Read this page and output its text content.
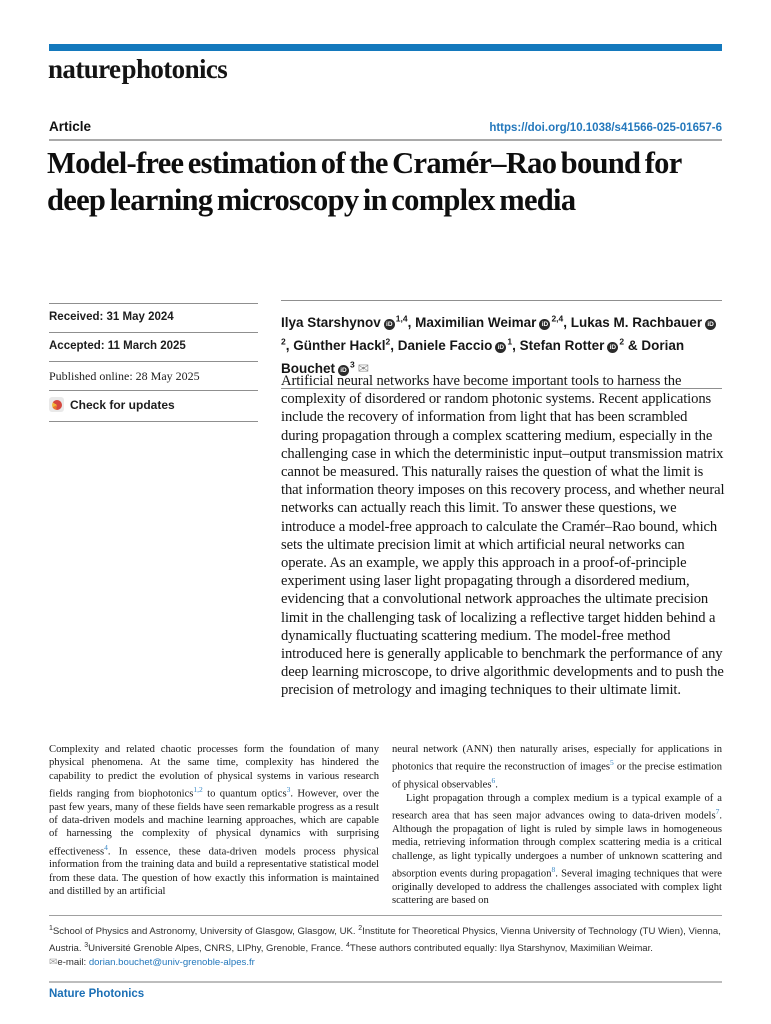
nature photonics
Article	https://doi.org/10.1038/s41566-025-01657-6
Model-free estimation of the Cramér–Rao bound for deep learning microscopy in complex media
Received: 31 May 2024
Accepted: 11 March 2025
Published online: 28 May 2025
Check for updates
Ilya Starshynov iD$^{1,4}$, Maximilian Weimar iD$^{2,4}$, Lukas M. Rachbauer $iD^2$, Günther Hackl$^2$, Daniele Faccio $iD^1$, Stefan Rotter $iD^2$ & Dorian Bouchet $iD^3$ ✉
Artificial neural networks have become important tools to harness the complexity of disordered or random photonic systems. Recent applications include the recovery of information from light that has been scrambled during propagation through a complex scattering medium, especially in the challenging case in which the deterministic input–output transmission matrix cannot be measured. This naturally raises the question of what the limit is that information theory imposes on this recovery process, and whether neural networks can actually reach this limit. To answer these questions, we introduce a model-free approach to calculate the Cramér–Rao bound, which sets the ultimate precision limit at which artificial neural networks can operate. As an example, we apply this approach in a proof-of-principle experiment using laser light propagating through a disordered medium, evidencing that a convolutional network approaches the ultimate precision limit in the challenging task of localizing a reflective target hidden behind a dynamically fluctuating scattering medium. The model-free method introduced here is generally applicable to benchmark the performance of any deep learning microscope, to drive algorithmic developments and to push the precision of metrology and imaging techniques to their ultimate limit.

Complexity and related chaotic processes form the foundation of many physical phenomena. At the same time, complexity has hindered the capability to predict the evolution of physical systems in various research fields ranging from biophotonics$^{1,2}$ to quantum optics$^3$. However, over the past few years, many of these fields have seen remarkable progress as a result of data-driven models and machine learning approaches, which are capable of harnessing the complexity of physical dynamics with surprising effectiveness$^4$. In essence, these data-driven models process physical information from the training data and build a representative statistical model from these data. The question of how exactly this information is maintained and distilled by an artificial

neural network (ANN) then naturally arises, especially for applications in photonics that require the reconstruction of images$^5$ or the precise estimation of physical observables$^6$.

Light propagation through a complex medium is a typical example of a research area that has seen major advances owing to data-driven models$^7$. Although the propagation of light is ruled by simple laws in homogeneous media, retrieving information through complex scattering media is a critical challenge, as light typically undergoes a number of unknown scattering and absorption events during propagation$^8$. Several imaging techniques that were originally developed to address the challenges associated with complex light scattering are based on

$^1$School of Physics and Astronomy, University of Glasgow, Glasgow, UK. $^2$Institute for Theoretical Physics, Vienna University of Technology (TU Wien), Vienna, Austria. $^3$Université Grenoble Alpes, CNRS, LIPhy, Grenoble, France. $^4$These authors contributed equally: Ilya Starshynov, Maximilian Weimar.
✉e-mail: dorian.bouchet@univ-grenoble-alpes.fr
Nature Photonics
